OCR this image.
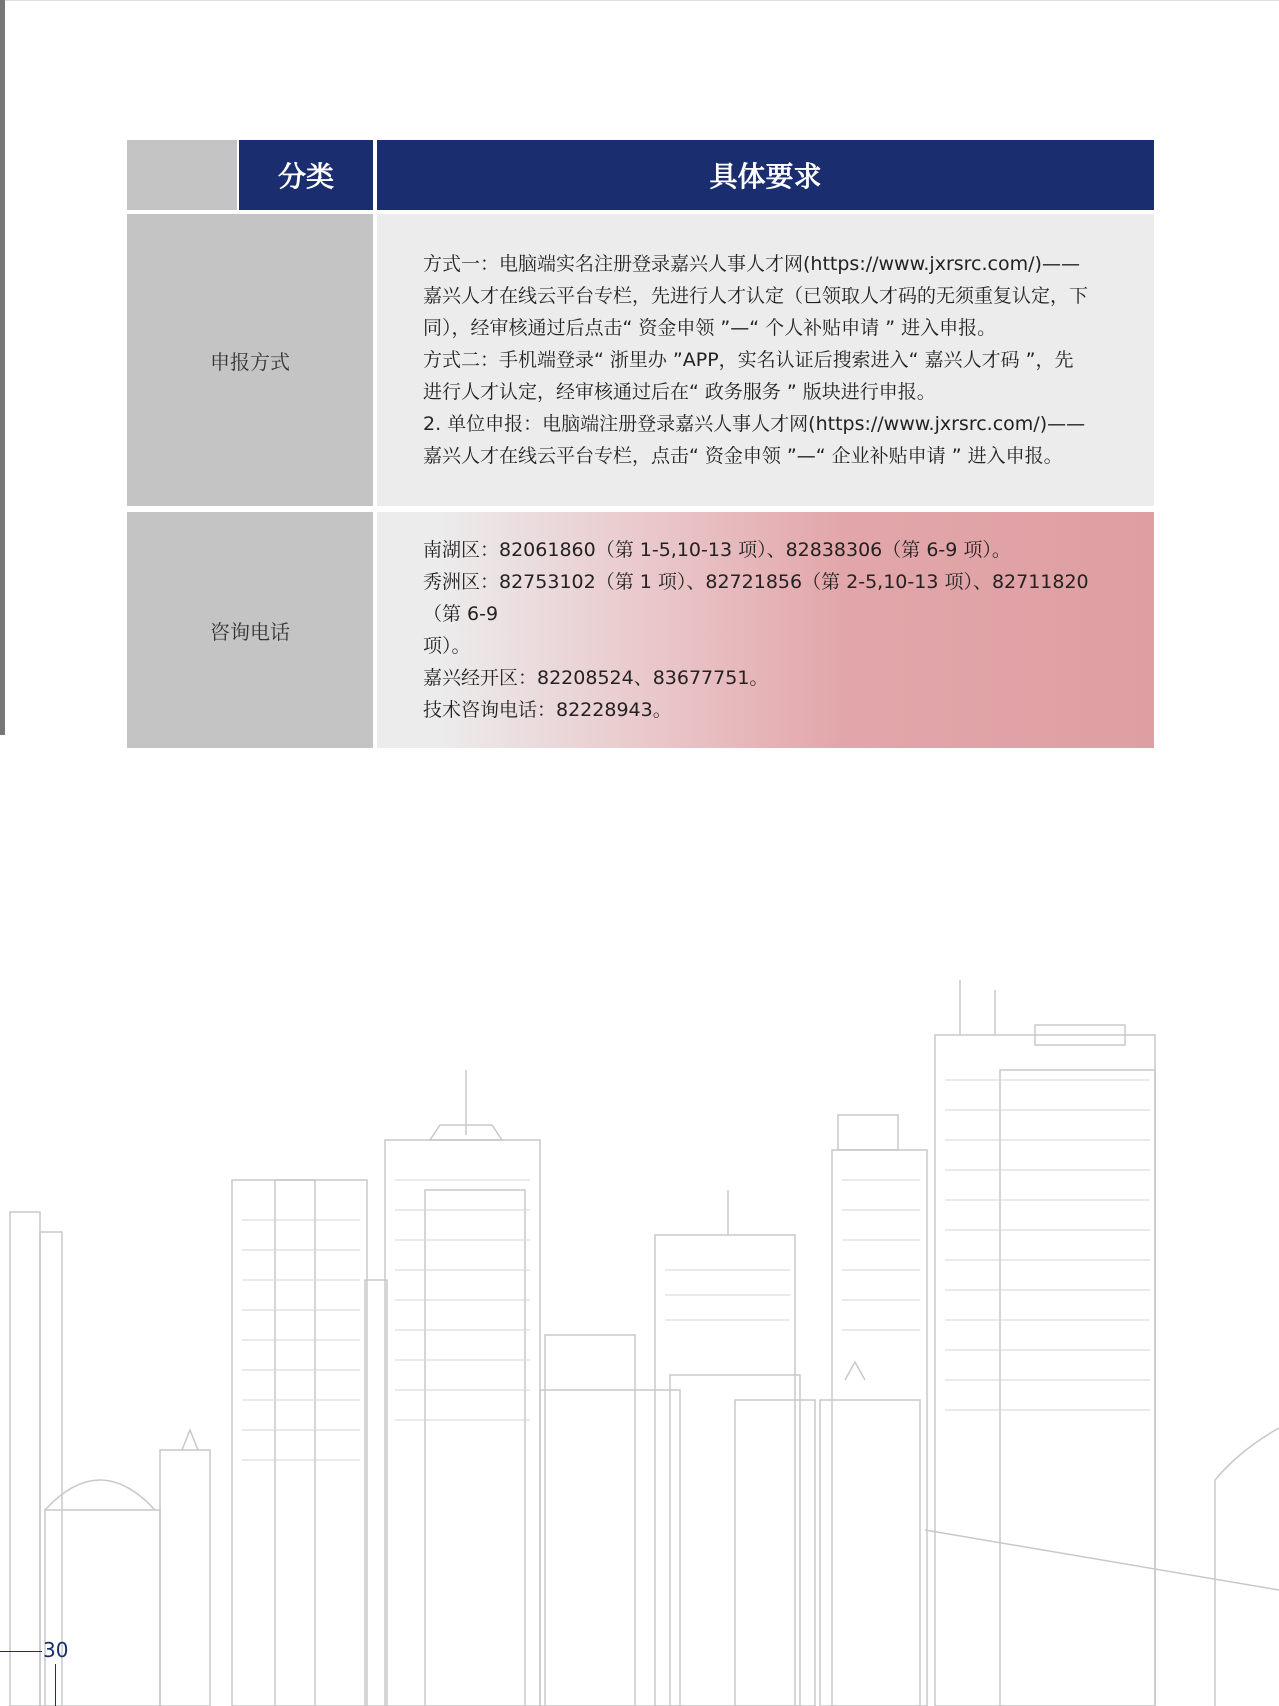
分类	具体要求
申报方式

方式一：电脑端实名注册登录嘉兴人事人才网(https://www.jxrsrc.com/)——

嘉兴人才在线云平台专栏，先进行人才认定（已领取人才码的无须重复认定，下

同），经审核通过后点击“ 资金申领 ”—“ 个人补贴申请 ” 进入申报。

方式二：手机端登录“ 浙里办 ”APP，实名认证后搜索进入“ 嘉兴人才码 ”，先

进行人才认定，经审核通过后在“ 政务服务 ” 版块进行申报。

2. 单位申报：电脑端注册登录嘉兴人事人才网(https://www.jxrsrc.com/)——

嘉兴人才在线云平台专栏，点击“ 资金申领 ”—“ 企业补贴申请 ” 进入申报。

咨询电话

南湖区：82061860（第 1-5,10-13 项）、82838306（第 6-9 项）。

秀洲区：82753102（第 1 项）、82721856（第 2-5,10-13 项）、82711820（第 6-9

项）。

嘉兴经开区：82208524、83677751。

技术咨询电话：82228943。

30
